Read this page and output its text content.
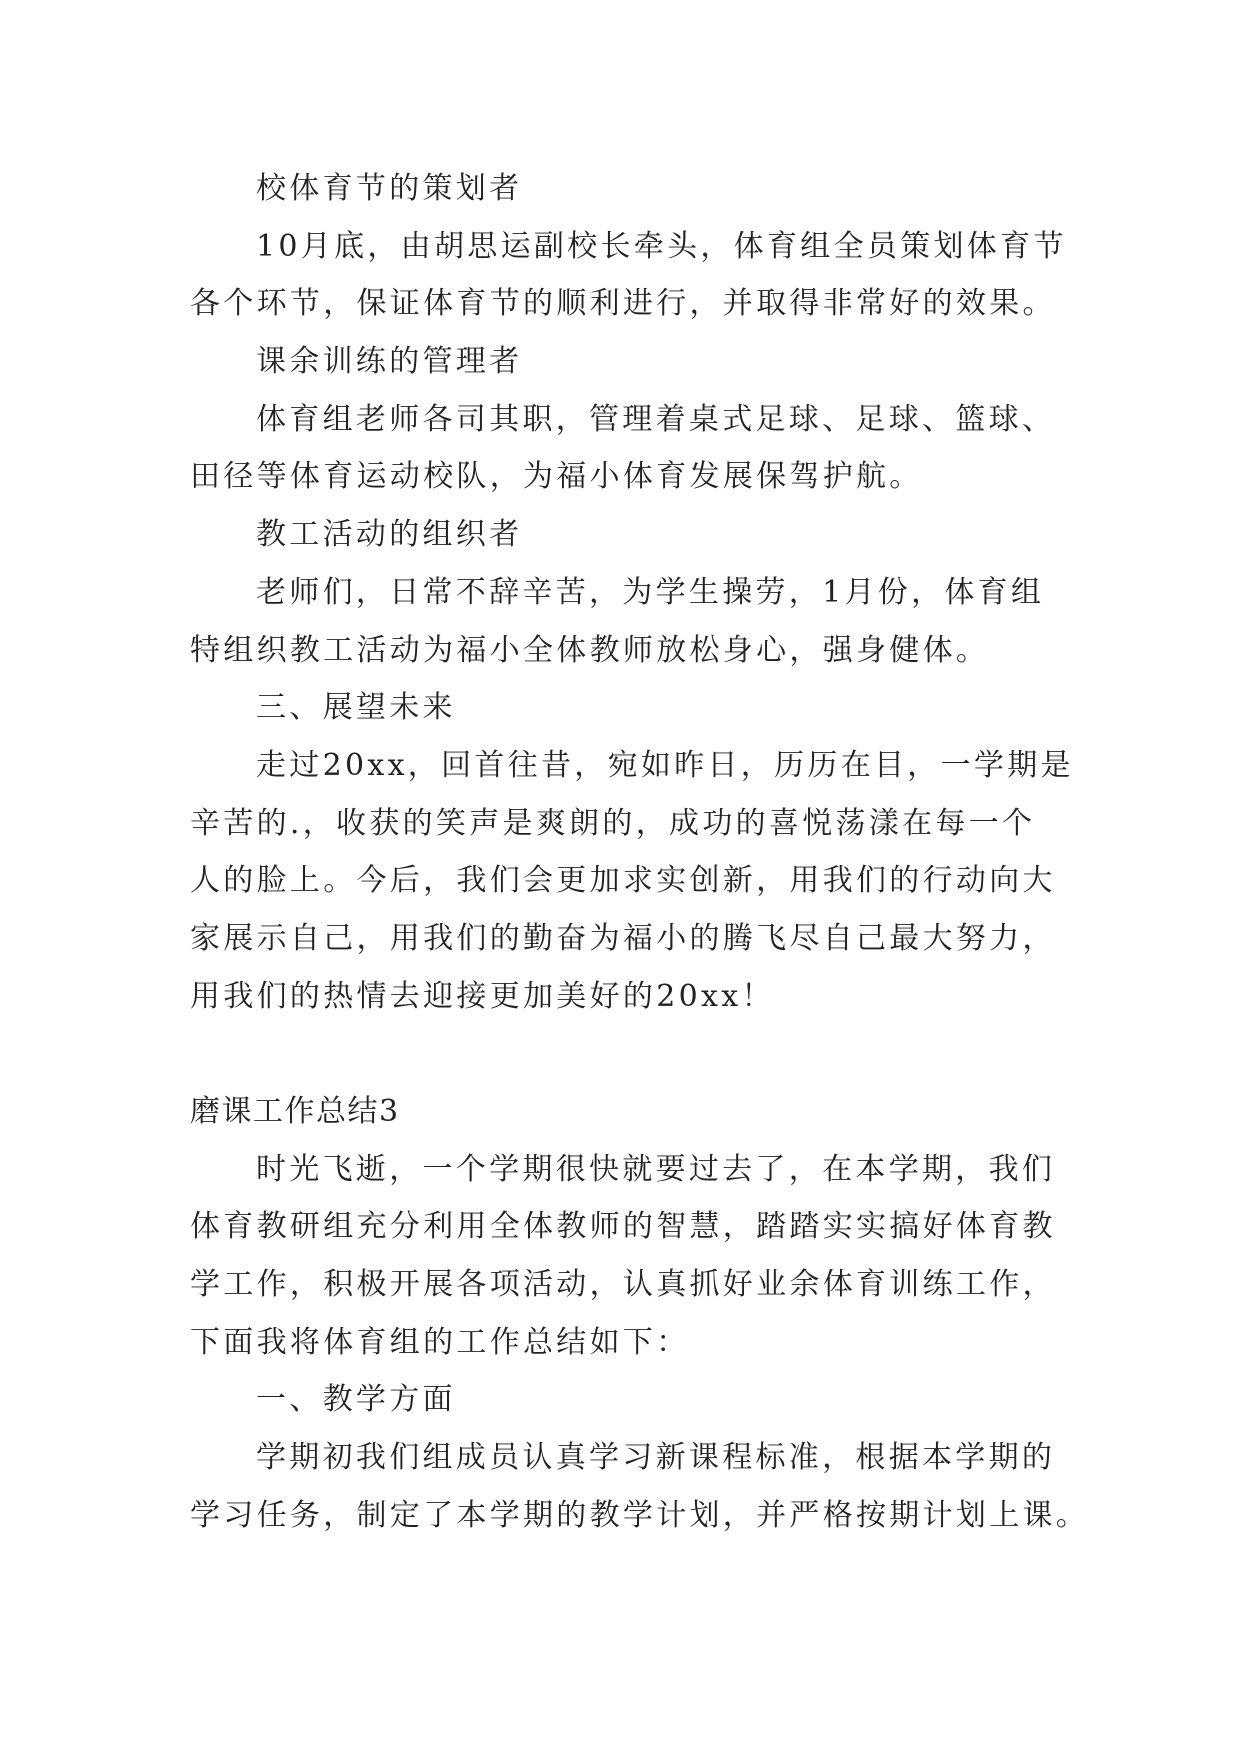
校体育节的策划者
10月底，由胡思运副校长牵头，体育组全员策划体育节
各个环节，保证体育节的顺利进行，并取得非常好的效果。
课余训练的管理者
体育组老师各司其职，管理着桌式足球、足球、篮球、
田径等体育运动校队，为福小体育发展保驾护航。
教工活动的组织者
老师们，日常不辞辛苦，为学生操劳，1月份，体育组
特组织教工活动为福小全体教师放松身心，强身健体。
三、展望未来
走过20xx，回首往昔，宛如昨日，历历在目，一学期是
辛苦的.，收获的笑声是爽朗的，成功的喜悦荡漾在每一个
人的脸上。今后，我们会更加求实创新，用我们的行动向大
家展示自己，用我们的勤奋为福小的腾飞尽自己最大努力，
用我们的热情去迎接更加美好的20xx！
磨课工作总结3
时光飞逝，一个学期很快就要过去了，在本学期，我们
体育教研组充分利用全体教师的智慧，踏踏实实搞好体育教
学工作，积极开展各项活动，认真抓好业余体育训练工作，
下面我将体育组的工作总结如下：
一、教学方面
学期初我们组成员认真学习新课程标准，根据本学期的
学习任务，制定了本学期的教学计划，并严格按期计划上课。
